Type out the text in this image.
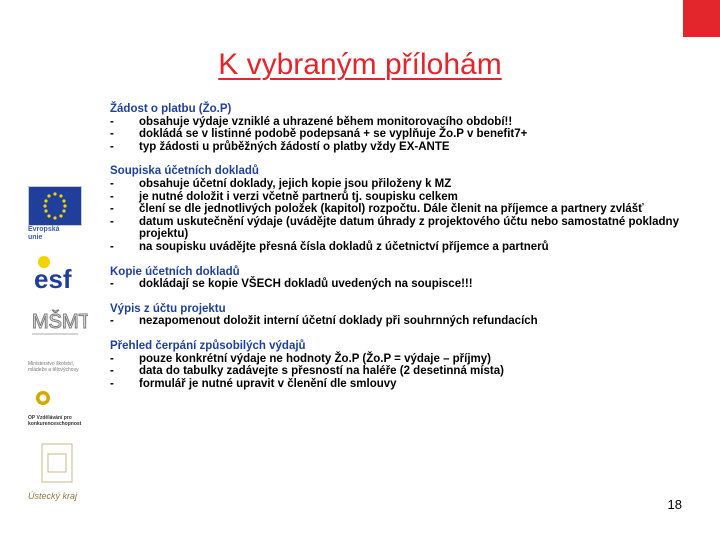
K vybraným přílohám
Evropská
unie
esf
MŠMT
Ministerstvo školství, mládeže a tělovýchovy
OP Vzdělávání pro konkurenceschopnost
Ústecký kraj
Žádost o platbu (Žo.P)
-	obsahuje výdaje vzniklé a uhrazené během monitorovacího období!!
-	dokládá se v listinné podobě podepsaná + se vyplňuje Žo.P v benefit7+
-	typ žádosti u průběžných žádostí o platby vždy EX-ANTE
Soupiska účetních dokladů
-	obsahuje účetní doklady, jejich kopie jsou přiloženy k MZ
-	je nutné doložit i verzi včetně partnerů tj. soupisku celkem
-	člení se dle jednotlivých položek (kapitol) rozpočtu. Dále členit na příjemce a partnery zvlášť
-	datum uskutečnění výdaje (uvádějte datum úhrady z projektového účtu nebo samostatné pokladny projektu)
-	na soupisku uvádějte přesná čísla dokladů z účetnictví příjemce a partnerů
Kopie účetních dokladů
-	dokládají se kopie VŠECH dokladů uvedených na soupisce!!!
Výpis z účtu projektu
-	nezapomenout doložit interní účetní doklady při souhrnných refundacích
Přehled čerpání způsobilých výdajů
-	pouze konkrétní výdaje ne hodnoty Žo.P (Žo.P = výdaje – příjmy)
-	data do tabulky zadávejte s přesností na haléře (2 desetinná místa)
-	formulář je nutné upravit v členění dle smlouvy
18
